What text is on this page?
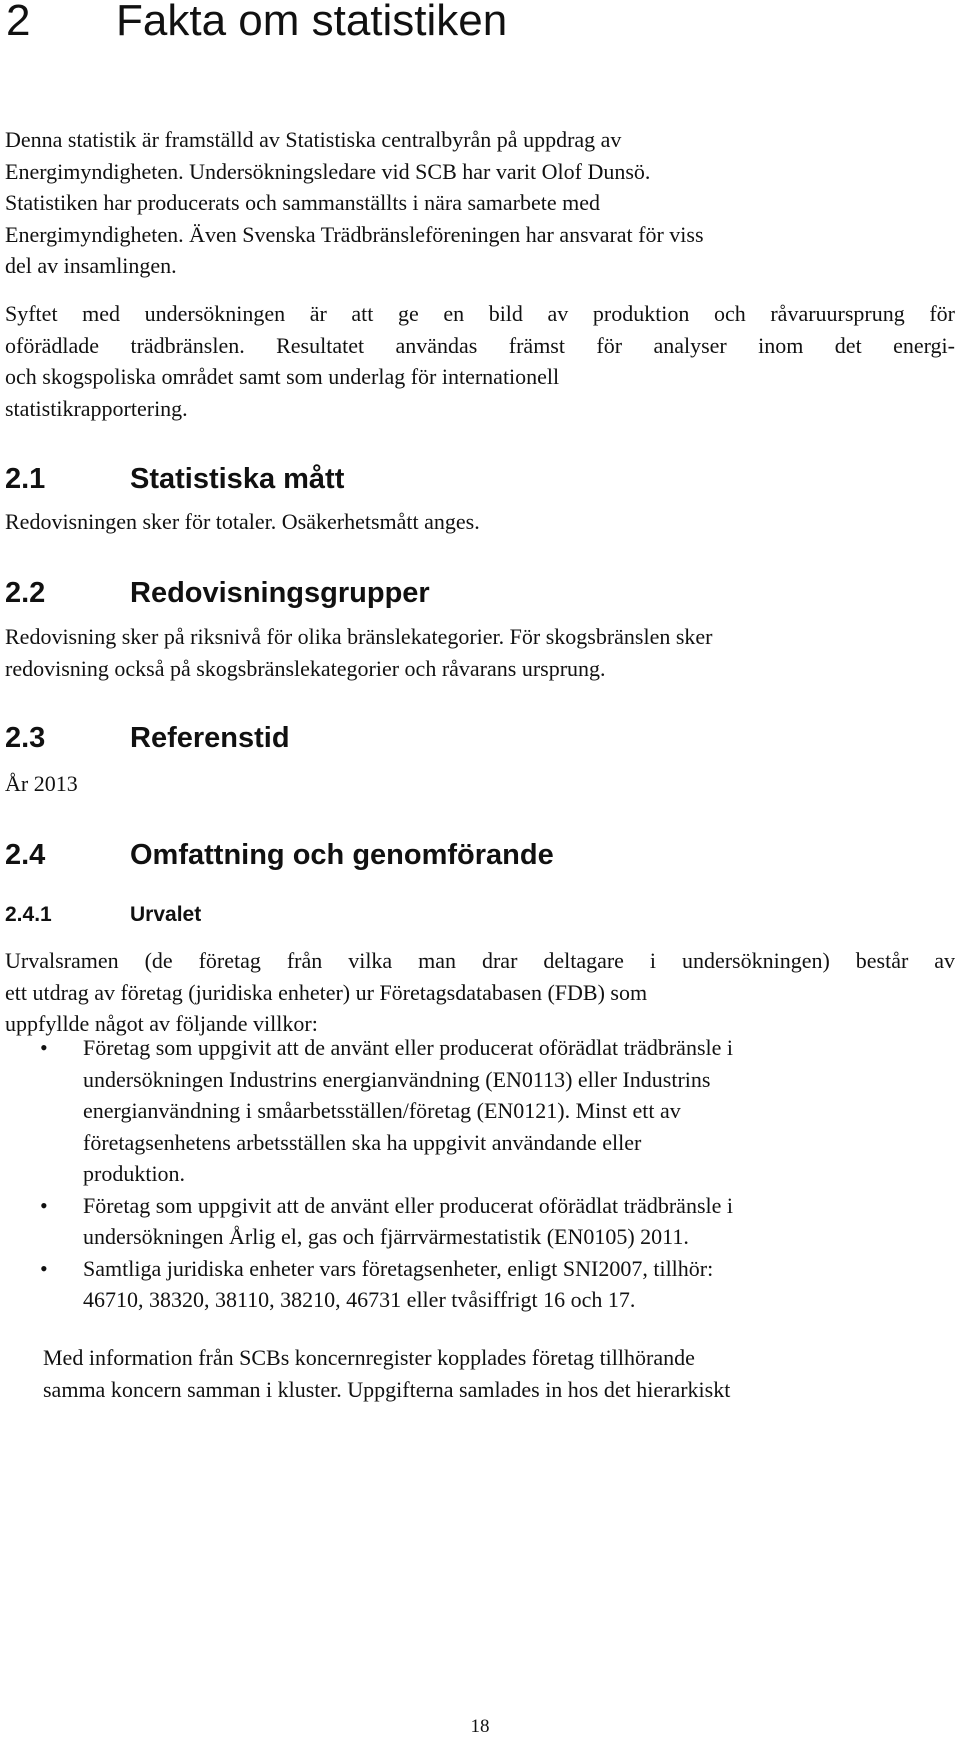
2 Fakta om statistiken
Denna statistik är framställd av Statistiska centralbyrån på uppdrag av
Energimyndigheten. Undersökningsledare vid SCB har varit Olof Dunsö.
Statistiken har producerats och sammanställts i nära samarbete med
Energimyndigheten. Även Svenska Trädbränsleföreningen har ansvarat för viss
del av insamlingen.
Syftet med undersökningen är att ge en bild av produktion och råvaruursprung för
oförädlade trädbränslen. Resultatet användas främst för analyser inom det energi-
och skogspoliska området samt som underlag för internationell
statistikrapportering.
2.1	Statistiska mått
Redovisningen sker för totaler. Osäkerhetsmått anges.
2.2	Redovisningsgrupper
Redovisning sker på riksnivå för olika bränslekategorier. För skogsbränslen sker
redovisning också på skogsbränslekategorier och råvarans ursprung.
2.3	Referenstid
År 2013
2.4	Omfattning och genomförande
2.4.1	Urvalet
Urvalsramen (de företag från vilka man drar deltagare i undersökningen) består av
ett utdrag av företag (juridiska enheter) ur Företagsdatabasen (FDB) som
uppfyllde något av följande villkor:
• Företag som uppgivit att de använt eller producerat oförädlat trädbränsle i
undersökningen Industrins energianvändning (EN0113) eller Industrins
energianvändning i småarbetsställen/företag (EN0121). Minst ett av
företagsenhetens arbetsställen ska ha uppgivit användande eller
produktion.
• Företag som uppgivit att de använt eller producerat oförädlat trädbränsle i
undersökningen Årlig el, gas och fjärrvärmestatistik (EN0105) 2011.
• Samtliga juridiska enheter vars företagsenheter, enligt SNI2007, tillhör:
46710, 38320, 38110, 38210, 46731 eller tvåsiffrigt 16 och 17.
Med information från SCBs koncernregister kopplades företag tillhörande
samma koncern samman i kluster. Uppgifterna samlades in hos det hierarkiskt
18
